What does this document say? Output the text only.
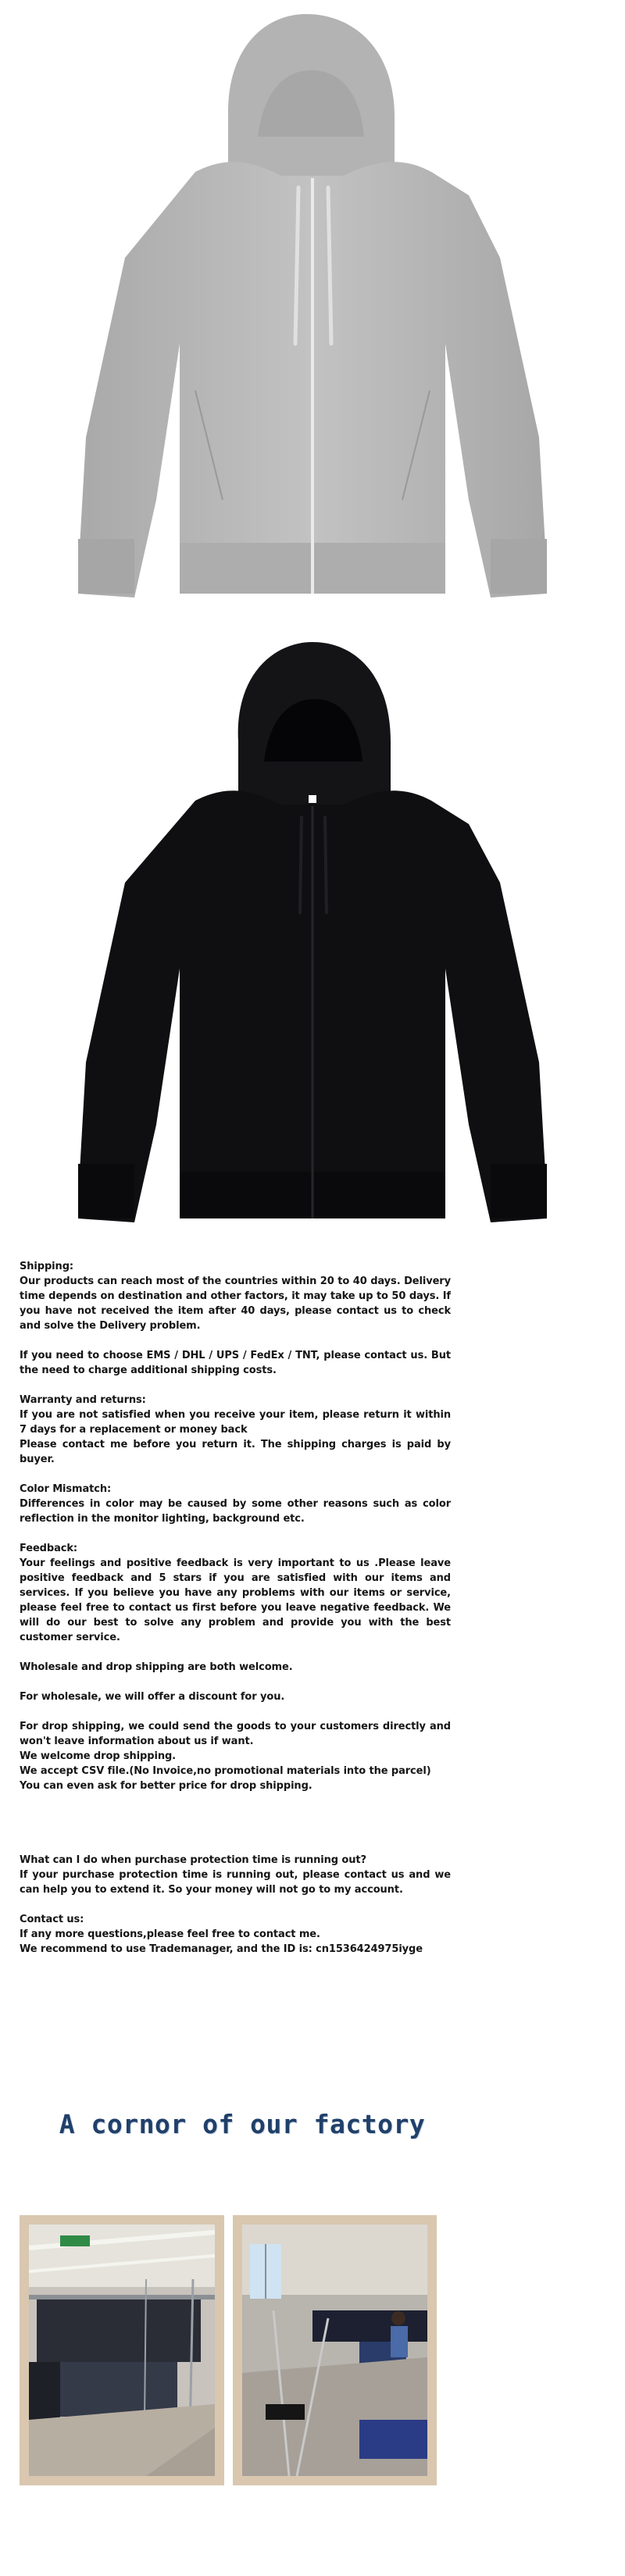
Shipping:

Our products can reach most of the countries within 20 to 40 days. Delivery time depends on destination and other factors, it may take up to 50 days. If you have not received the item after 40 days, please contact us to check and solve the Delivery problem.

If you need to choose EMS / DHL / UPS / FedEx / TNT, please contact us. But the need to charge additional shipping costs.

Warranty and returns:

If you are not satisfied when you receive your item, please return it within 7 days for a replacement or money back

Please contact me before you return it. The shipping charges is paid by buyer.

Color Mismatch:

Differences in color may be caused by some other reasons such as color reflection in the monitor lighting, background etc.

Feedback:

Your feelings and positive feedback is very important to us .Please leave positive feedback and 5 stars if you are satisfied with our items and services. If you believe you have any problems with our items or service, please feel free to contact us first before you leave negative feedback. We will do our best to solve any problem and provide you with the best customer service.

Wholesale and drop shipping are both welcome.

For wholesale, we will offer a discount for you.

For drop shipping, we could send the goods to your customers directly and won't leave information about us if want.

We welcome drop shipping.

We accept CSV file.(No Invoice,no promotional materials into the parcel)

You can even ask for better price for drop shipping.

What can I do when purchase protection time is running out?

If your purchase protection time is running out, please contact us and we can help you to extend it. So your money will not go to my account.

Contact us:

If any more questions,please feel free to contact me.

We recommend to use Trademanager, and the ID is: cn1536424975iyge

A cornor of our factory
